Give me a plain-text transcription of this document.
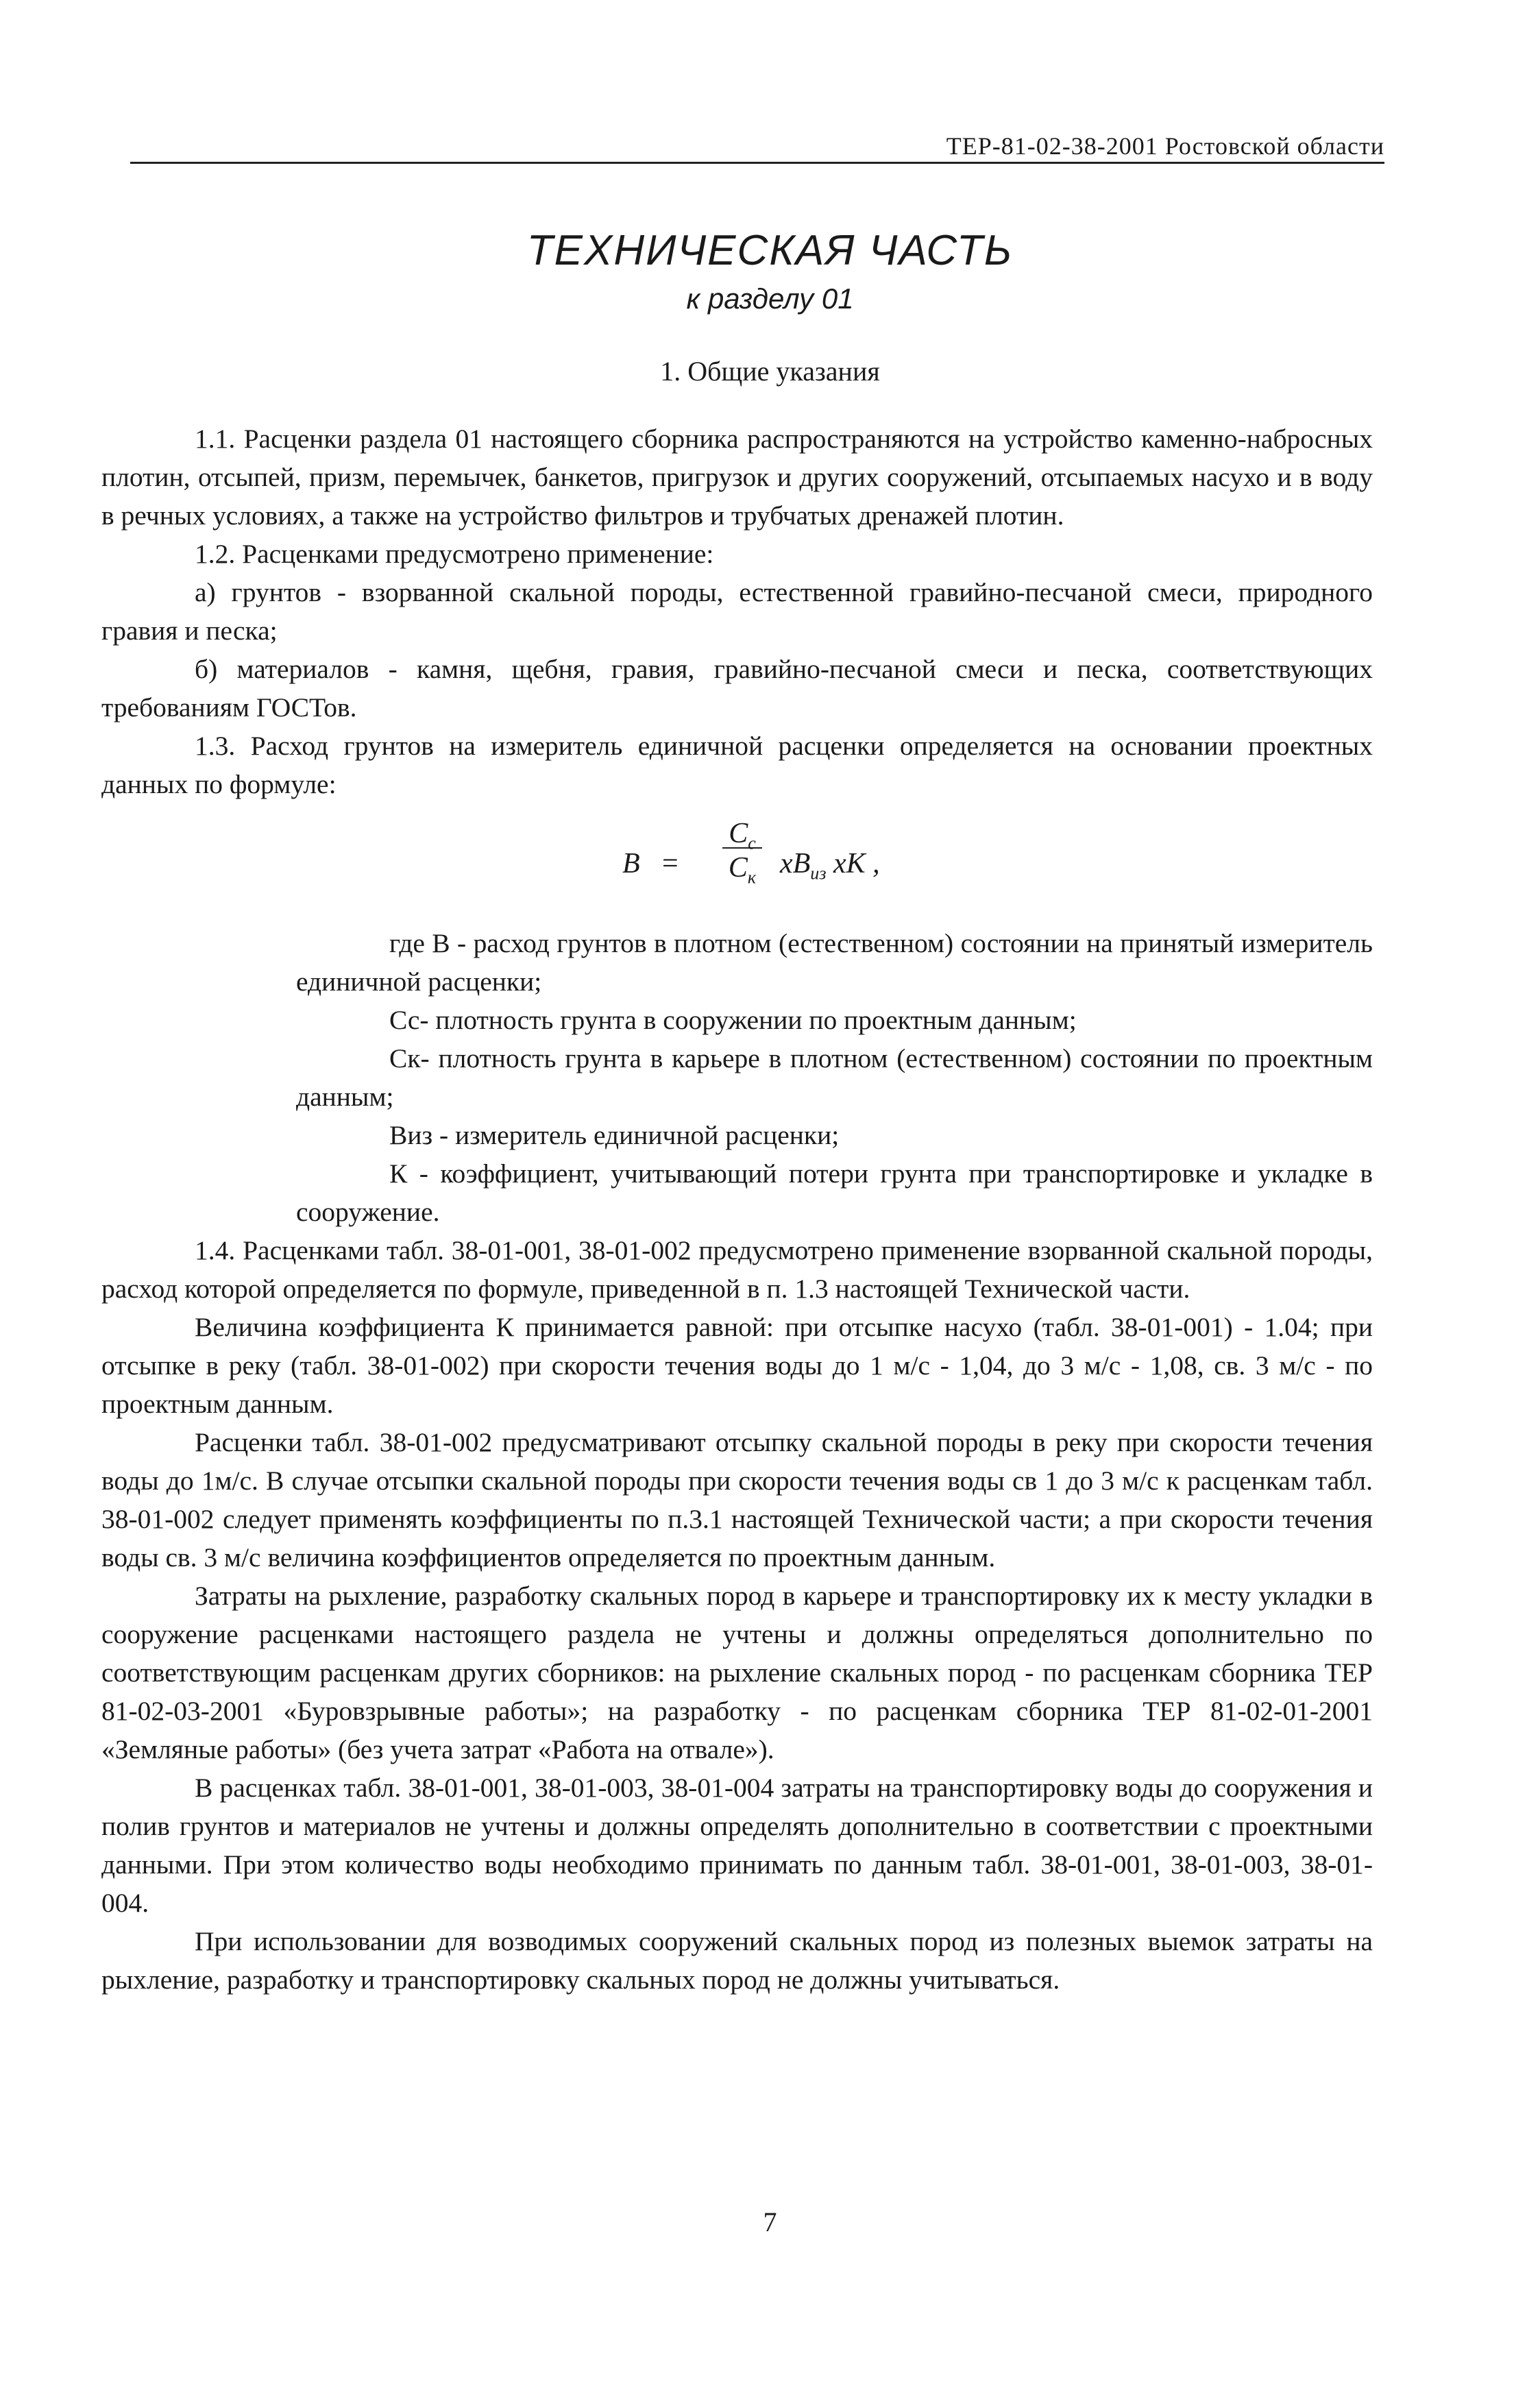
ТЕР-81-02-38-2001 Ростовской области
ТЕХНИЧЕСКАЯ ЧАСТЬ
к разделу 01
1. Общие указания

1.1. Расценки раздела 01 настоящего сборника распространяются на устройство каменно-набросных плотин, отсыпей, призм, перемычек, банкетов, пригрузок и других сооружений, отсыпаемых насухо и в воду в речных условиях, а также на устройство фильтров и трубчатых дренажей плотин.

1.2. Расценками предусмотрено применение:

а) грунтов - взорванной скальной породы, естественной гравийно-песчаной смеси, природного гравия и песка;

б) материалов - камня, щебня, гравия, гравийно-песчаной смеси и песка, соответствующих требованиям ГОСТов.

1.3. Расход грунтов на измеритель единичной расценки определяется на основании проектных данных по формуле:

B =
$C_с$
$C_к$ $xB_{из}$ xK ,

где В - расход грунтов в плотном (естественном) состоянии на принятый измеритель единичной расценки;

Сс- плотность грунта в сооружении по проектным данным;

Ск- плотность грунта в карьере в плотном (естественном) состоянии по проектным данным;

Виз - измеритель единичной расценки;

К - коэффициент, учитывающий потери грунта при транспортировке и укладке в сооружение.

1.4. Расценками табл. 38-01-001, 38-01-002 предусмотрено применение взорванной скальной породы, расход которой определяется по формуле, приведенной в п. 1.3 настоящей Технической части.

Величина коэффициента К принимается равной: при отсыпке насухо (табл. 38-01-001) - 1.04; при отсыпке в реку (табл. 38-01-002) при скорости течения воды до 1 м/с - 1,04, до 3 м/с - 1,08, св. 3 м/с - по проектным данным.

Расценки табл. 38-01-002 предусматривают отсыпку скальной породы в реку при скорости течения воды до 1м/с. В случае отсыпки скальной породы при скорости течения воды св 1 до 3 м/с к расценкам табл. 38-01-002 следует применять коэффициенты по п.3.1 настоящей Технической части; а при скорости течения воды св. 3 м/с величина коэффициентов определяется по проектным данным.

Затраты на рыхление, разработку скальных пород в карьере и транспортировку их к месту укладки в сооружение расценками настоящего раздела не учтены и должны определяться дополнительно по соответствующим расценкам других сборников: на рыхление скальных пород - по расценкам сборника ТЕР 81-02-03-2001 «Буровзрывные работы»; на разработку - по расценкам сборника ТЕР 81-02-01-2001 «Земляные работы» (без учета затрат «Работа на отвале»).

В расценках табл. 38-01-001, 38-01-003, 38-01-004 затраты на транспортировку воды до сооружения и полив грунтов и материалов не учтены и должны определять дополнительно в соответствии с проектными данными. При этом количество воды необходимо принимать по данным табл. 38-01-001, 38-01-003, 38-01-004.

При использовании для возводимых сооружений скальных пород из полезных выемок затраты на рыхление, разработку и транспортировку скальных пород не должны учитываться.

7
